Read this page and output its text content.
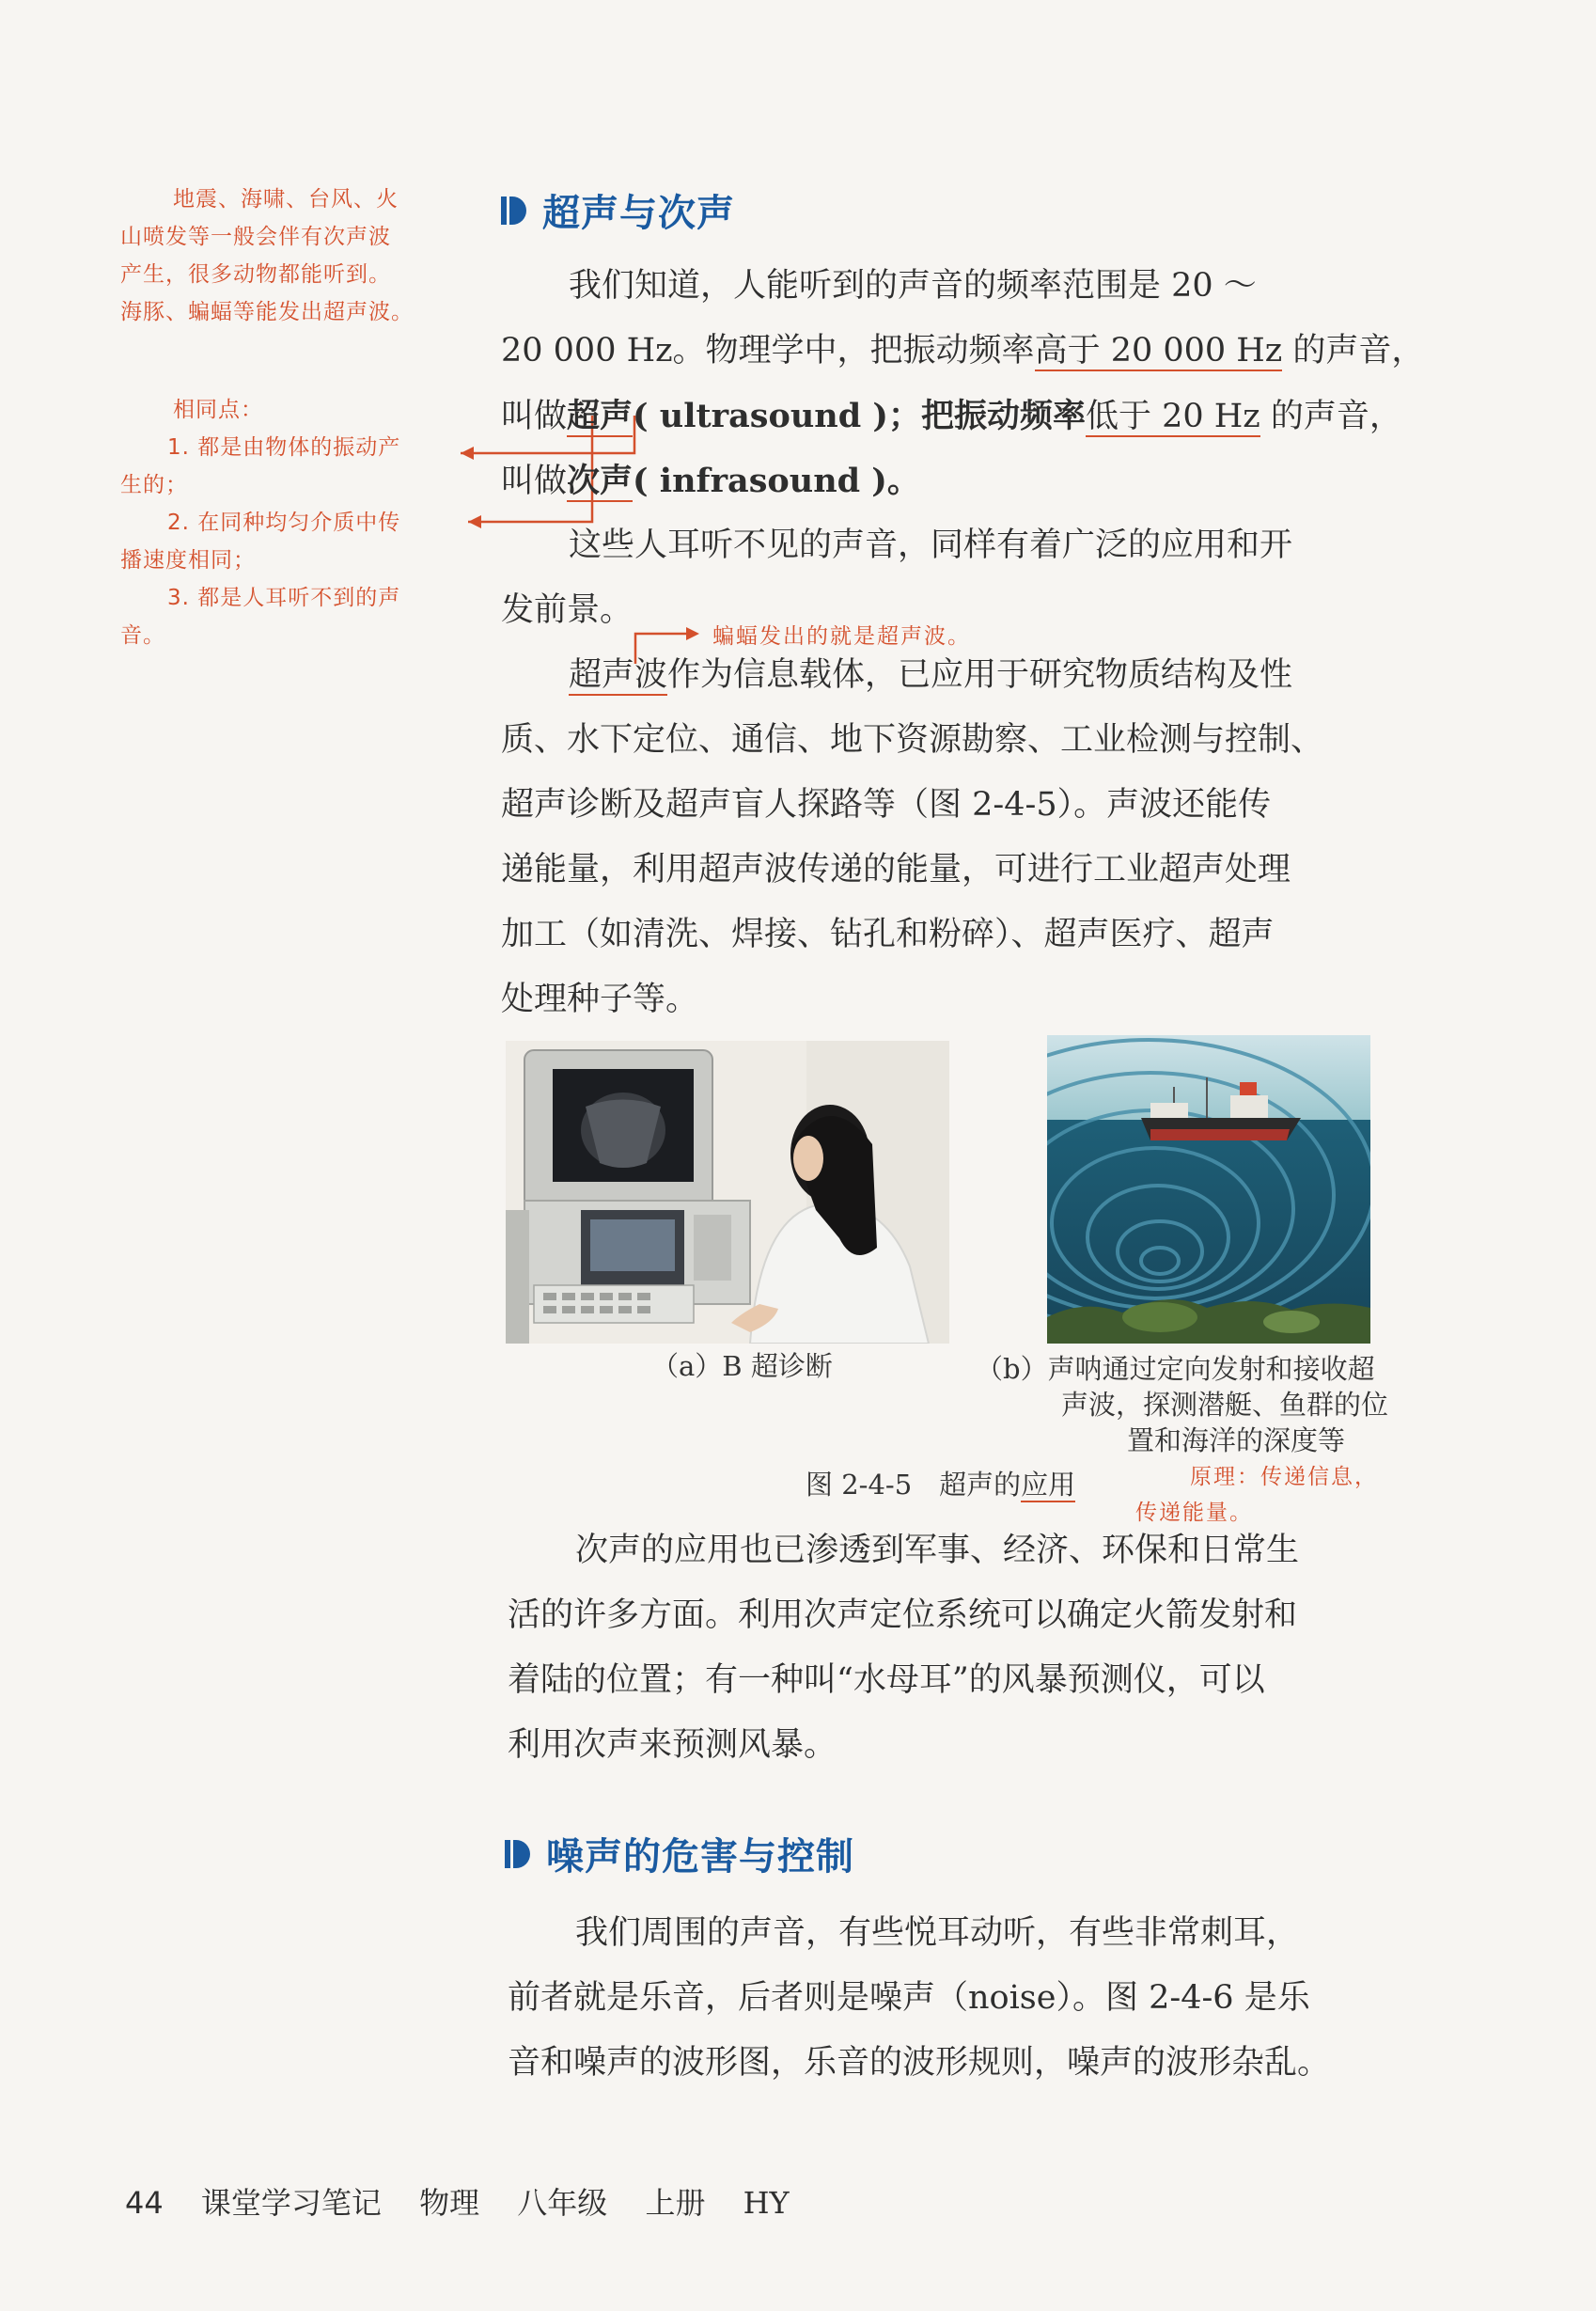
地震、海啸、台风、火
山喷发等一般会伴有次声波
产生，很多动物都能听到。
海豚、蝙蝠等能发出超声波。
相同点：
1. 都是由物体的振动产
生的；
2. 在同种均匀介质中传
播速度相同；
3. 都是人耳听不到的声
音。
超声与次声
我们知道，人能听到的声音的频率范围是 20 ～
20 000 Hz。物理学中，把振动频率高于 20 000 Hz 的声音，
叫做超声( ultrasound )；把振动频率低于 20 Hz 的声音，
叫做次声( infrasound )。
这些人耳听不见的声音，同样有着广泛的应用和开
发前景。
蝙蝠发出的就是超声波。
超声波作为信息载体，已应用于研究物质结构及性
质、水下定位、通信、地下资源勘察、工业检测与控制、
超声诊断及超声盲人探路等（图 2-4-5）。声波还能传
递能量，利用超声波传递的能量，可进行工业超声处理
加工（如清洗、焊接、钻孔和粉碎）、超声医疗、超声
处理种子等。
（a）B 超诊断	（b）声呐通过定向发射和接收超
声波，探测潜艇、鱼群的位
置和海洋的深度等
图 2-4-5　超声的应用	原理：传递信息，
传递能量。
次声的应用也已渗透到军事、经济、环保和日常生
活的许多方面。利用次声定位系统可以确定火箭发射和
着陆的位置；有一种叫“水母耳”的风暴预测仪，可以
利用次声来预测风暴。
噪声的危害与控制
我们周围的声音，有些悦耳动听，有些非常刺耳，
前者就是乐音，后者则是噪声（noise）。图 2-4-6 是乐
音和噪声的波形图，乐音的波形规则，噪声的波形杂乱。
44 课堂学习笔记 物理 八年级 上册 HY
